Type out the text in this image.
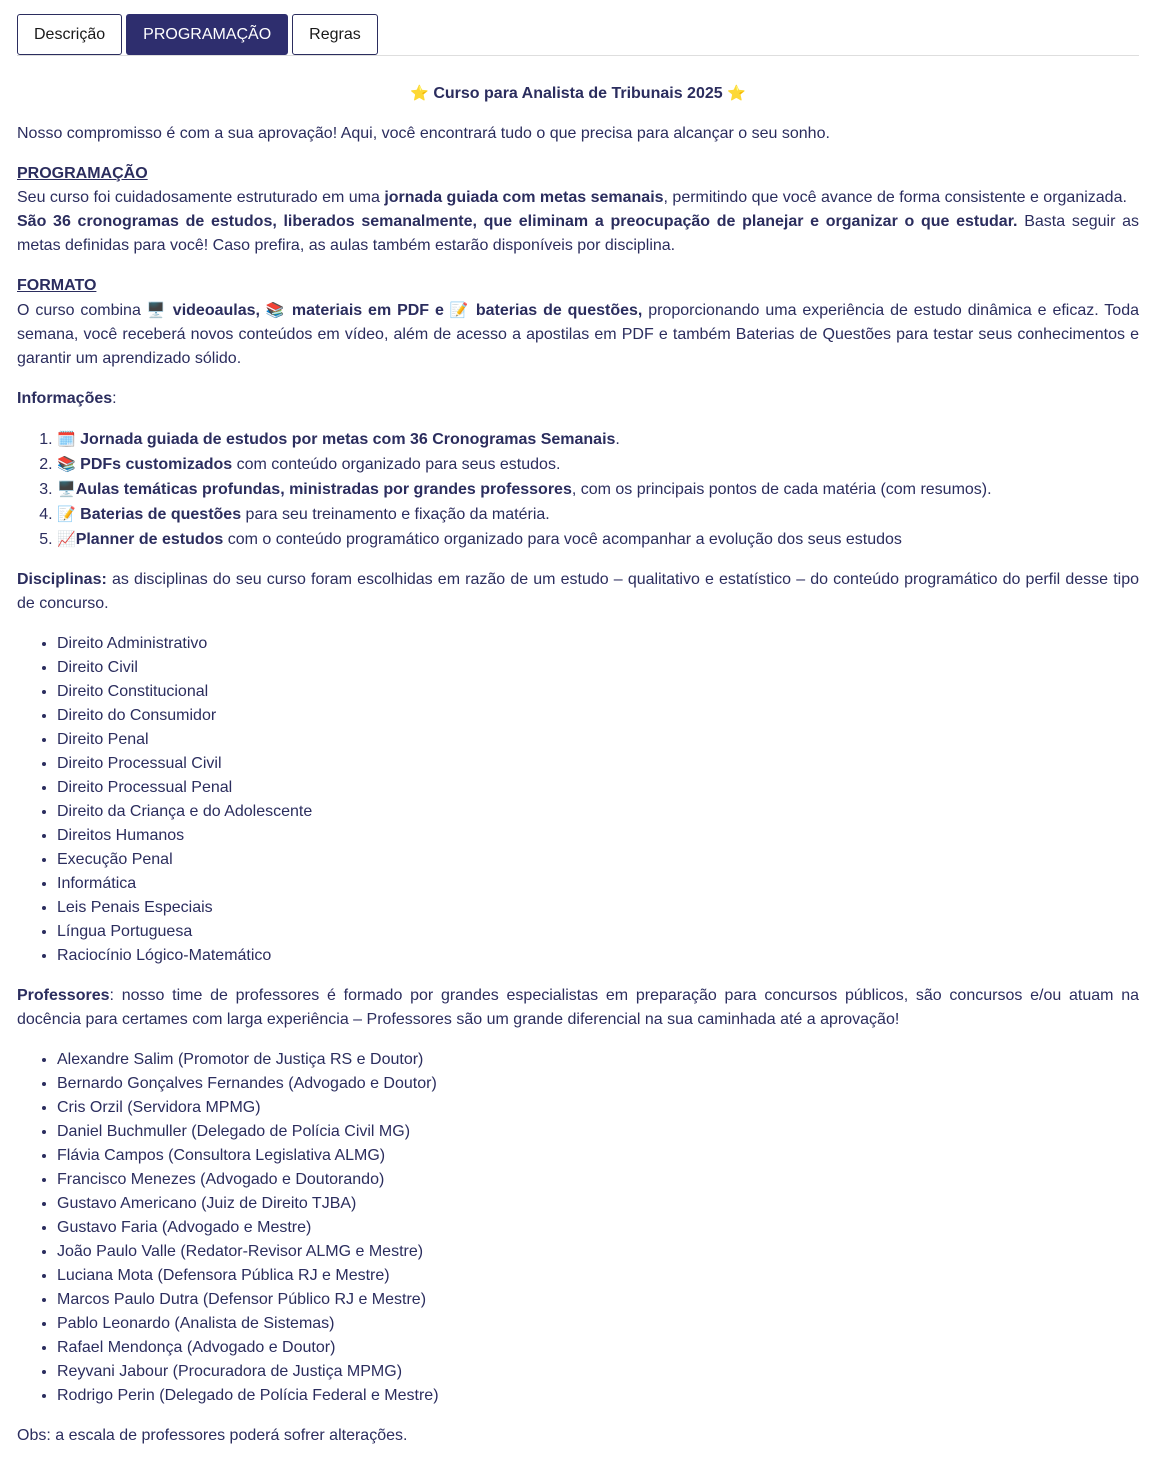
Descrição	PROGRAMAÇÃO	Regras
⭐ Curso para Analista de Tribunais 2025 ⭐

Nosso compromisso é com a sua aprovação! Aqui, você encontrará tudo o que precisa para alcançar o seu sonho.

PROGRAMAÇÃO
Seu curso foi cuidadosamente estruturado em uma jornada guiada com metas semanais, permitindo que você avance de forma consistente e organizada.
São 36 cronogramas de estudos, liberados semanalmente, que eliminam a preocupação de planejar e organizar o que estudar. Basta seguir as metas definidas para você! Caso prefira, as aulas também estarão disponíveis por disciplina.

FORMATO
O curso combina 🖥️ videoaulas, 📚 materiais em PDF e 📝 baterias de questões, proporcionando uma experiência de estudo dinâmica e eficaz. Toda semana, você receberá novos conteúdos em vídeo, além de acesso a apostilas em PDF e também Baterias de Questões para testar seus conhecimentos e garantir um aprendizado sólido.

Informações:

1. 🗓️ Jornada guiada de estudos por metas com 36 Cronogramas Semanais.
2. 📚 PDFs customizados com conteúdo organizado para seus estudos.
3. 🖥️Aulas temáticas profundas, ministradas por grandes professores, com os principais pontos de cada matéria (com resumos).
4. 📝 Baterias de questões para seu treinamento e fixação da matéria.
5. 📈Planner de estudos com o conteúdo programático organizado para você acompanhar a evolução dos seus estudos

Disciplinas: as disciplinas do seu curso foram escolhidas em razão de um estudo – qualitativo e estatístico – do conteúdo programático do perfil desse tipo de concurso.

• Direito Administrativo
• Direito Civil
• Direito Constitucional
• Direito do Consumidor
• Direito Penal
• Direito Processual Civil
• Direito Processual Penal
• Direito da Criança e do Adolescente
• Direitos Humanos
• Execução Penal
• Informática
• Leis Penais Especiais
• Língua Portuguesa
• Raciocínio Lógico-Matemático

Professores: nosso time de professores é formado por grandes especialistas em preparação para concursos públicos, são concursos e/ou atuam na docência para certames com larga experiência – Professores são um grande diferencial na sua caminhada até a aprovação!

• Alexandre Salim (Promotor de Justiça RS e Doutor)
• Bernardo Gonçalves Fernandes (Advogado e Doutor)
• Cris Orzil (Servidora MPMG)
• Daniel Buchmuller (Delegado de Polícia Civil MG)
• Flávia Campos (Consultora Legislativa ALMG)
• Francisco Menezes (Advogado e Doutorando)
• Gustavo Americano (Juiz de Direito TJBA)
• Gustavo Faria (Advogado e Mestre)
• João Paulo Valle (Redator-Revisor ALMG e Mestre)
• Luciana Mota (Defensora Pública RJ e Mestre)
• Marcos Paulo Dutra (Defensor Público RJ e Mestre)
• Pablo Leonardo (Analista de Sistemas)
• Rafael Mendonça (Advogado e Doutor)
• Reyvani Jabour (Procuradora de Justiça MPMG)
• Rodrigo Perin (Delegado de Polícia Federal e Mestre)

Obs: a escala de professores poderá sofrer alterações.
